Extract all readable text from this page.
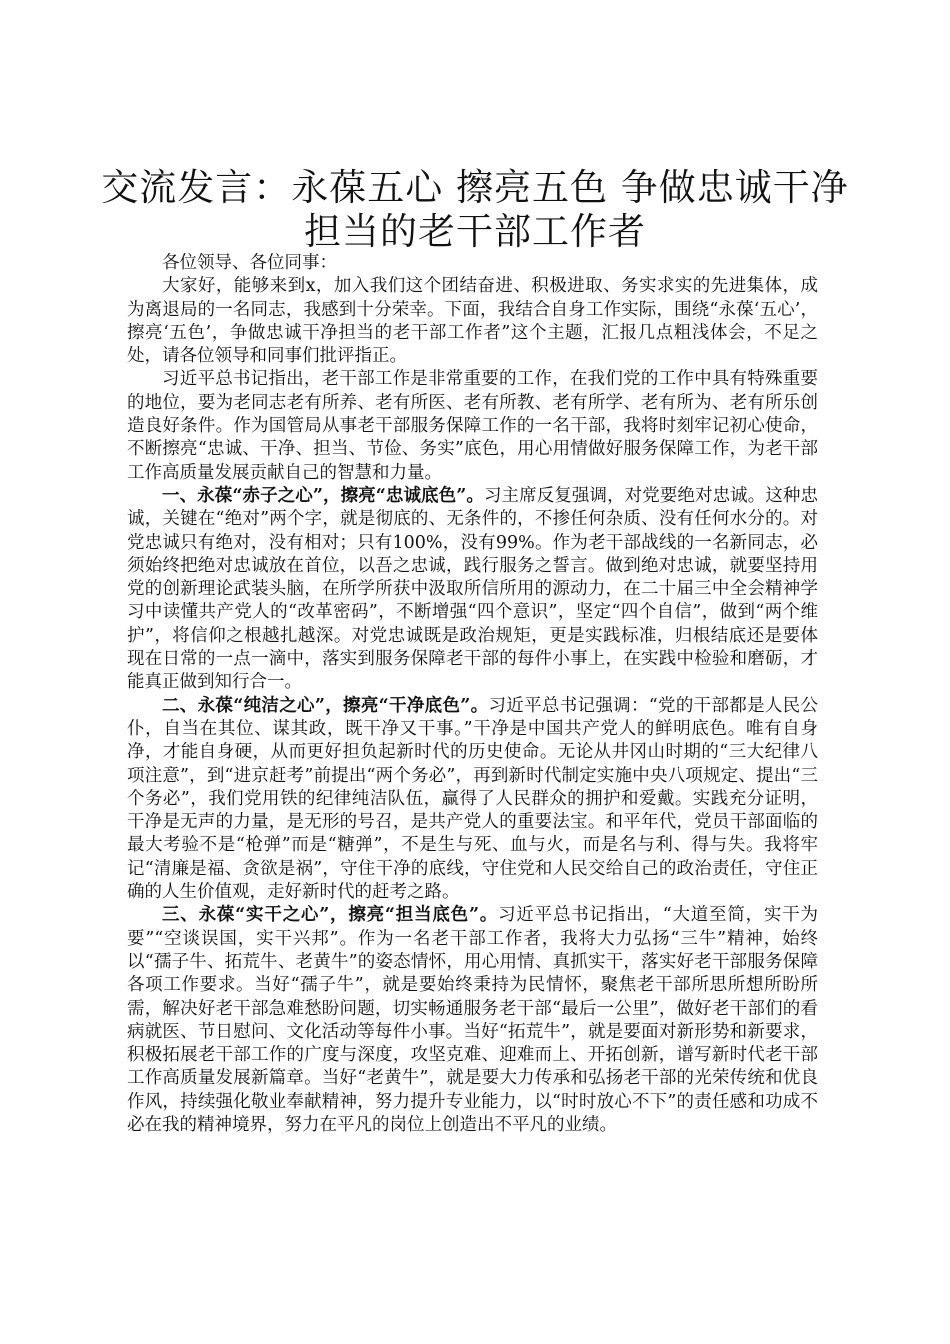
交流发言：永葆五心 擦亮五色 争做忠诚干净担当的老干部工作者

各位领导、各位同事：

大家好，能够来到x，加入我们这个团结奋进、积极进取、务实求实的先进集体，成为离退局的一名同志，我感到十分荣幸。下面，我结合自身工作实际，围绕“永葆‘五心’，擦亮‘五色’，争做忠诚干净担当的老干部工作者”这个主题，汇报几点粗浅体会，不足之处，请各位领导和同事们批评指正。

习近平总书记指出，老干部工作是非常重要的工作，在我们党的工作中具有特殊重要的地位，要为老同志老有所养、老有所医、老有所教、老有所学、老有所为、老有所乐创造良好条件。作为国管局从事老干部服务保障工作的一名干部，我将时刻牢记初心使命，不断擦亮“忠诚、干净、担当、节俭、务实”底色，用心用情做好服务保障工作，为老干部工作高质量发展贡献自己的智慧和力量。

一、永葆“赤子之心”，擦亮“忠诚底色”。习主席反复强调，对党要绝对忠诚。这种忠诚，关键在“绝对”两个字，就是彻底的、无条件的，不掺任何杂质、没有任何水分的。对党忠诚只有绝对，没有相对；只有100%，没有99%。作为老干部战线的一名新同志，必须始终把绝对忠诚放在首位，以吾之忠诚，践行服务之誓言。做到绝对忠诚，就要坚持用党的创新理论武装头脑，在所学所获中汲取所信所用的源动力，在二十届三中全会精神学习中读懂共产党人的“改革密码”，不断增强“四个意识”，坚定“四个自信”，做到“两个维护”，将信仰之根越扎越深。对党忠诚既是政治规矩，更是实践标准，归根结底还是要体现在日常的一点一滴中，落实到服务保障老干部的每件小事上，在实践中检验和磨砺，才能真正做到知行合一。

二、永葆“纯洁之心”，擦亮“干净底色”。习近平总书记强调：“党的干部都是人民公仆，自当在其位、谋其政，既干净又干事。”干净是中国共产党人的鲜明底色。唯有自身净，才能自身硬，从而更好担负起新时代的历史使命。无论从井冈山时期的“三大纪律八项注意”，到“进京赶考”前提出“两个务必”，再到新时代制定实施中央八项规定、提出“三个务必”，我们党用铁的纪律纯洁队伍，赢得了人民群众的拥护和爱戴。实践充分证明，干净是无声的力量，是无形的号召，是共产党人的重要法宝。和平年代，党员干部面临的最大考验不是“枪弹”而是“糖弹”，不是生与死、血与火，而是名与利、得与失。我将牢记“清廉是福、贪欲是祸”，守住干净的底线，守住党和人民交给自己的政治责任，守住正确的人生价值观，走好新时代的赶考之路。

三、永葆“实干之心”，擦亮“担当底色”。习近平总书记指出，“大道至简，实干为要”“空谈误国，实干兴邦”。作为一名老干部工作者，我将大力弘扬“三牛”精神，始终以“孺子牛、拓荒牛、老黄牛”的姿态情怀，用心用情、真抓实干，落实好老干部服务保障各项工作要求。当好“孺子牛”，就是要始终秉持为民情怀，聚焦老干部所思所想所盼所需，解决好老干部急难愁盼问题，切实畅通服务老干部“最后一公里”，做好老干部们的看病就医、节日慰问、文化活动等每件小事。当好“拓荒牛”，就是要面对新形势和新要求，积极拓展老干部工作的广度与深度，攻坚克难、迎难而上、开拓创新，谱写新时代老干部工作高质量发展新篇章。当好“老黄牛”，就是要大力传承和弘扬老干部的光荣传统和优良作风，持续强化敬业奉献精神，努力提升专业能力，以“时时放心不下”的责任感和功成不必在我的精神境界，努力在平凡的岗位上创造出不平凡的业绩。
